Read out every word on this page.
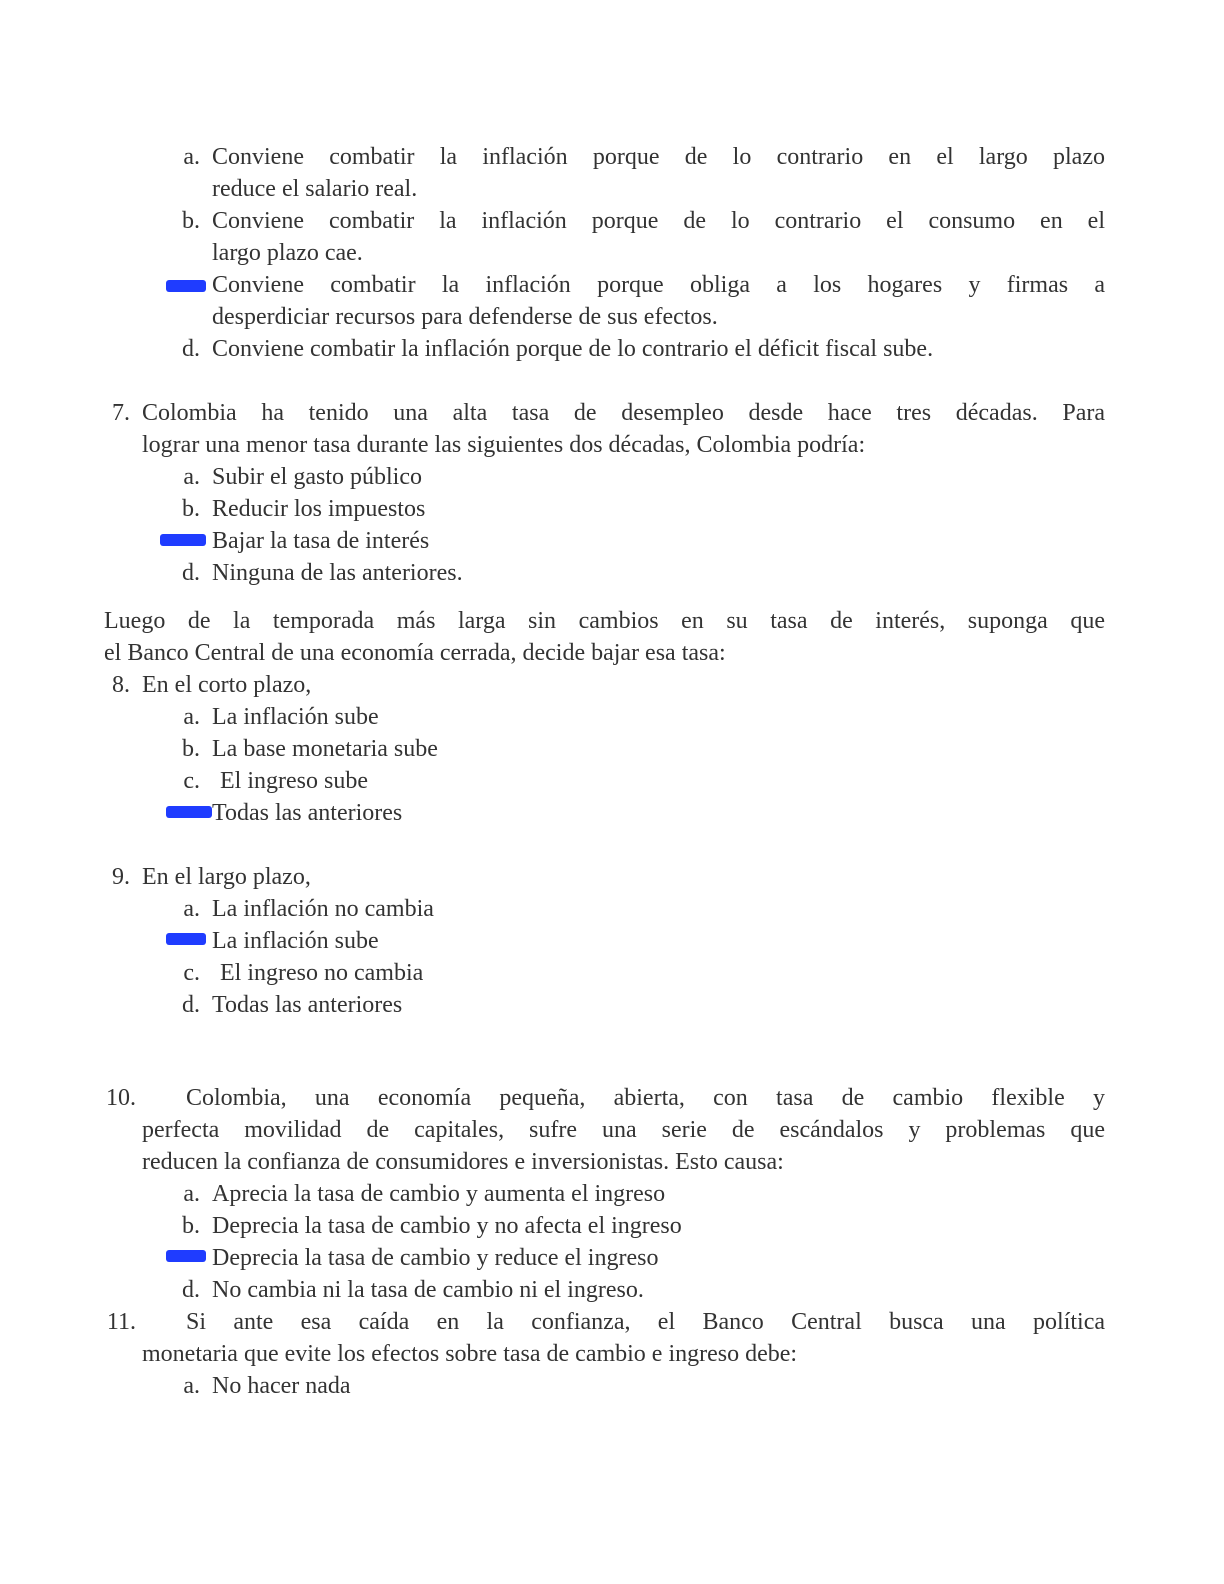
a. Conviene combatir la inflación porque de lo contrario en el largo plazo
reduce el salario real.
b. Conviene combatir la inflación porque de lo contrario el consumo en el
largo plazo cae.
Conviene combatir la inflación porque obliga a los hogares y firmas a
desperdiciar recursos para defenderse de sus efectos.
d. Conviene combatir la inflación porque de lo contrario el déficit fiscal sube.
7. Colombia ha tenido una alta tasa de desempleo desde hace tres décadas. Para
lograr una menor tasa durante las siguientes dos décadas, Colombia podría:
a. Subir el gasto público
b. Reducir los impuestos
Bajar la tasa de interés
d. Ninguna de las anteriores.
Luego de la temporada más larga sin cambios en su tasa de interés, suponga que
el Banco Central de una economía cerrada, decide bajar esa tasa:
8. En el corto plazo,
a. La inflación sube
b. La base monetaria sube
c. El ingreso sube
Todas las anteriores
9. En el largo plazo,
a. La inflación no cambia
La inflación sube
c. El ingreso no cambia
d. Todas las anteriores
10. Colombia, una economía pequeña, abierta, con tasa de cambio flexible y
perfecta movilidad de capitales, sufre una serie de escándalos y problemas que
reducen la confianza de consumidores e inversionistas. Esto causa:
a. Aprecia la tasa de cambio y aumenta el ingreso
b. Deprecia la tasa de cambio y no afecta el ingreso
Deprecia la tasa de cambio y reduce el ingreso
d. No cambia ni la tasa de cambio ni el ingreso.
11. Si ante esa caída en la confianza, el Banco Central busca una política
monetaria que evite los efectos sobre tasa de cambio e ingreso debe:
a. No hacer nada
